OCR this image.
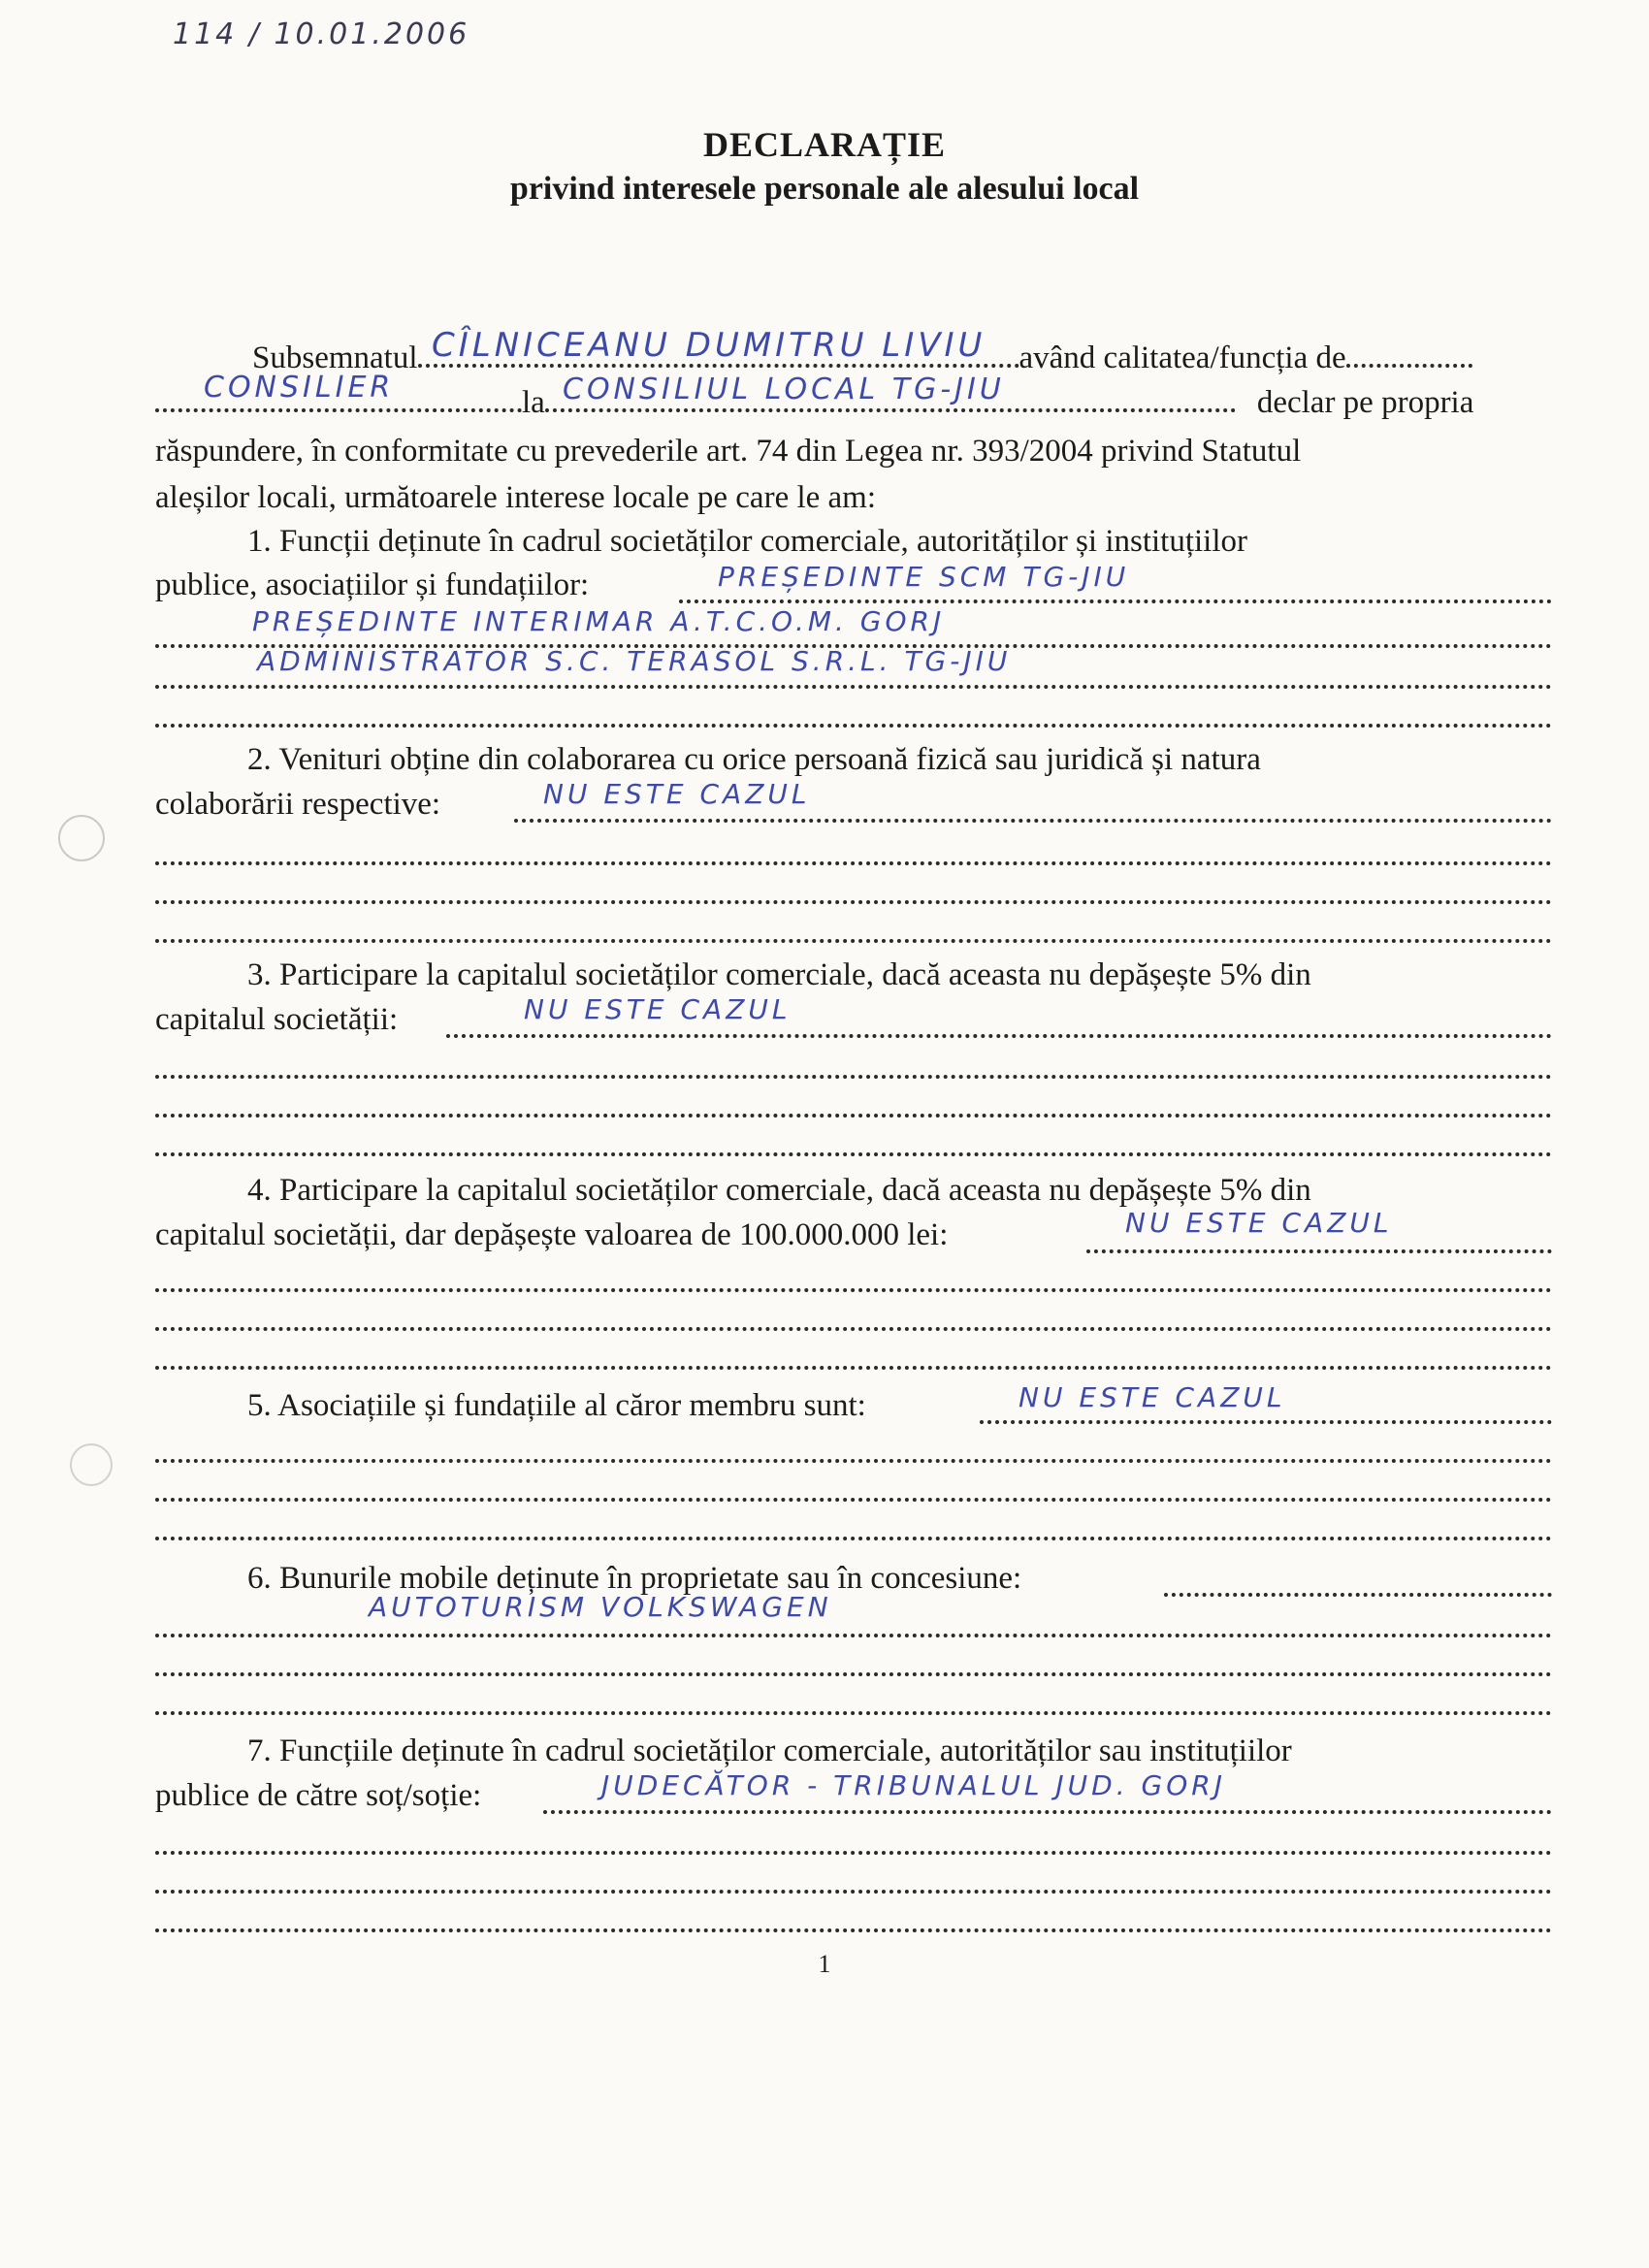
114 / 10.01.2006
DECLARAȚIE
privind interesele personale ale alesului local
Subsemnatul	având calitatea/funcția de
CÎLNICEANU DUMITRU LIVIU
la	declar pe propria
CONSILIER	CONSILIUL LOCAL TG-JIU
răspundere, în conformitate cu prevederile art. 74 din Legea nr. 393/2004 privind Statutul
aleșilor locali, următoarele interese locale pe care le am:
1. Funcții deținute în cadrul societăților comerciale, autorităților și instituțiilor
publice, asociațiilor și fundațiilor:	PREȘEDINTE SCM TG-JIU
PREȘEDINTE INTERIMAR A.T.C.O.M. GORJ
ADMINISTRATOR S.C. TERASOL S.R.L. TG-JIU
2. Venituri obține din colaborarea cu orice persoană fizică sau juridică și natura
colaborării respective:	NU ESTE CAZUL
3. Participare la capitalul societăților comerciale, dacă aceasta nu depășește 5% din
capitalul societății:	NU ESTE CAZUL
4. Participare la capitalul societăților comerciale, dacă aceasta nu depășește 5% din
capitalul societății, dar depășește valoarea de 100.000.000 lei:	NU ESTE CAZUL
5. Asociațiile și fundațiile al căror membru sunt:	NU ESTE CAZUL
6. Bunurile mobile deținute în proprietate sau în concesiune:
AUTOTURISM VOLKSWAGEN
7. Funcțiile deținute în cadrul societăților comerciale, autorităților sau instituțiilor
publice de către soț/soție:	JUDECĂTOR - TRIBUNALUL JUD. GORJ
1
